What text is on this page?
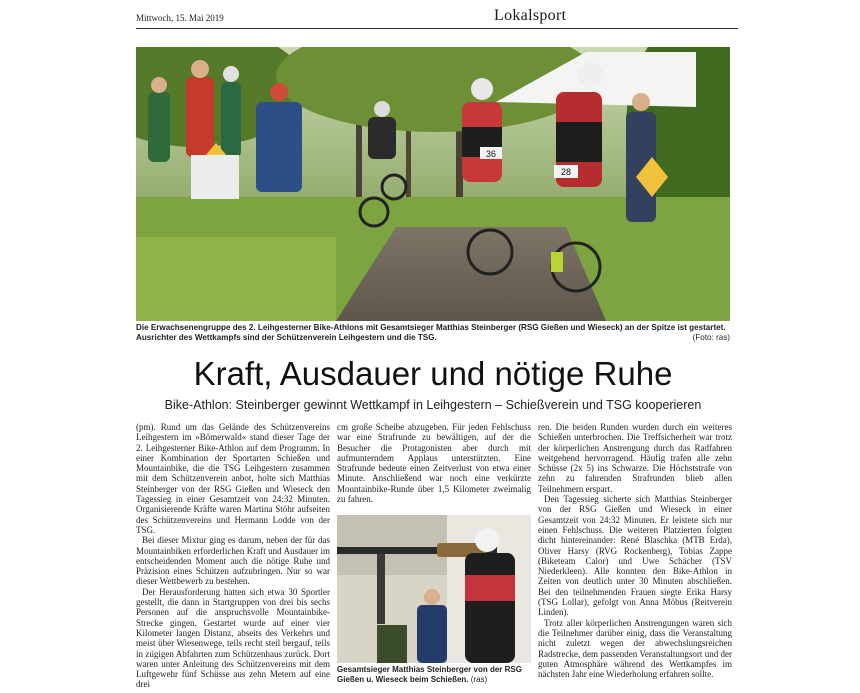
Mittwoch, 15. Mai 2019	Lokalsport
36
28
Die Erwachsenengruppe des 2. Leihgesterner Bike-Athlons mit Gesamtsieger Matthias Steinberger (RSG Gießen und Wieseck) an der Spitze ist gestartet. Ausrichter des Wettkampfs sind der Schützenverein Leihgestern und die TSG.	(Foto: ras)
Kraft, Ausdauer und nötige Ruhe
Bike-Athlon: Steinberger gewinnt Wettkampf in Leihgestern – Schießverein und TSG kooperieren

(pm). Rund um das Gelände des Schützenvereins Leihgestern im »Bömerwald« stand dieser Tage der 2. Leihgesterner Bike-Athlon auf dem Programm. In einer Kombination der Sportarten Schießen und Mountainbike, die die TSG Leihgestern zusammen mit dem Schützenverein anbot, holte sich Matthias Steinberger von der RSG Gießen und Wieseck den Tagessieg in einer Gesamtzeit von 24:32 Minuten. Organisierende Kräfte waren Martina Stöhr aufseiten des Schützenvereins und Hermann Lodde von der TSG.

Bei dieser Mixtur ging es darum, neben der für das Mountainbiken erforderlichen Kraft und Ausdauer im entscheidenden Moment auch die nötige Ruhe und Präzision eines Schützen aufzubringen. Nur so war dieser Wettbewerb zu bestehen.

Der Herausforderung hatten sich etwa 30 Sportler gestellt, die dann in Startgruppen von drei bis sechs Personen auf die anspruchsvolle Mountainbike-Strecke gingen. Gestartet wurde auf einer vier Kilometer langen Distanz, abseits des Verkehrs und meist über Wiesenwege, teils recht steil bergauf, teils in zügigen Abfahrten zum Schützenhaus zurück. Dort waren unter Anleitung des Schützenvereins mit dem Luftgewehr fünf Schüsse aus zehn Metern auf eine drei

cm große Scheibe abzugeben. Für jeden Fehlschuss war eine Strafrunde zu bewältigen, auf der die Besucher die Protagonisten aber durch mit aufmunterndem Applaus unterstützten. Eine Strafrunde bedeute einen Zeitverlust von etwa einer Minute. Anschließend war noch eine verkürzte Mountainbike-Runde über 1,5 Kilometer zweimalig zu fahren.

Gesamtsieger Matthias Steinberger von der RSG Gießen u. Wieseck beim Schießen. (ras)

ren. Die beiden Runden wurden durch ein weiteres Schießen unterbrochen. Die Treffsicherheit war trotz der körperlichen Anstrengung durch das Radfahren weitgehend hervorragend. Häufig trafen alle zehn Schüsse (2x 5) ins Schwarze. Die Höchststrafe von zehn zu fahrenden Strafrunden blieb allen Teilnehmern erspart.

Den Tagessieg sicherte sich Matthias Steinberger von der RSG Gießen und Wieseck in einer Gesamtzeit von 24:32 Minuten. Er leistete sich nur einen Fehlschuss. Die weiteren Platzierten folgten dicht hintereinander: René Blaschka (MTB Erda), Oliver Harsy (RVG Rockenberg), Tobias Zappe (Biketeam Calor) und Uwe Schächer (TSV Niederkleen). Alle konnten den Bike-Athlon in Zeiten von deutlich unter 30 Minuten abschließen. Bei den teilnehmenden Frauen siegte Erika Harsy (TSG Lollar), gefolgt von Anna Möbus (Reitverein Linden).

Trotz aller körperlichen Anstrengungen waren sich die Teilnehmer darüber einig, dass die Veranstaltung nicht zuletzt wegen der abwechslungsreichen Radstrecke, dem passenden Veranstaltungsort und der guten Atmosphäre während des Wettkampfes im nächsten Jahr eine Wiederholung erfahren sollte.
